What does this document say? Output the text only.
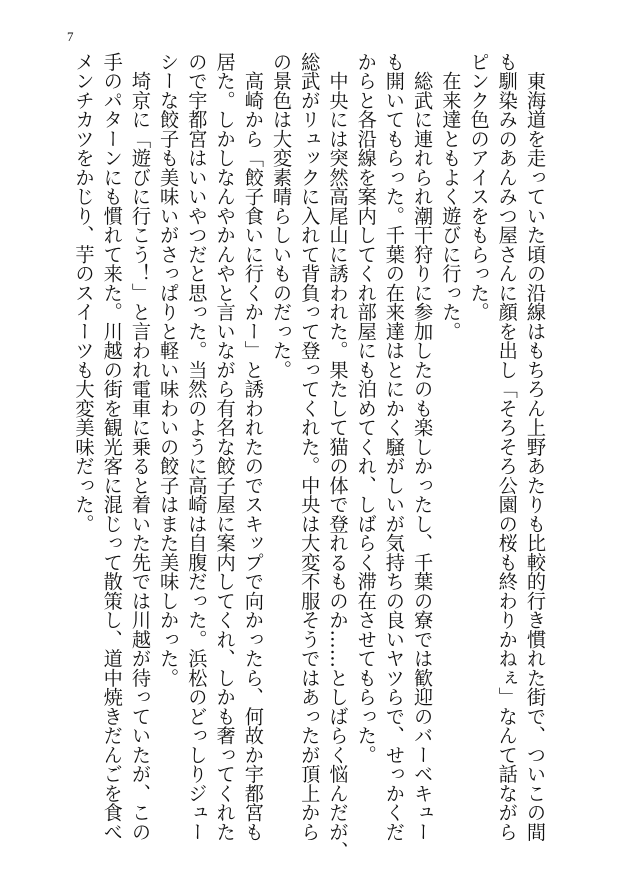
7

　東海道を走っていた頃の沿線はもちろん上野あたりも比較的行き慣れた街で、ついこの間

も馴染みのあんみつ屋さんに顔を出し「そろそろ公園の桜も終わりかねぇ」なんて話ながら

ピンク色のアイスをもらった。

　在来達ともよく遊びに行った。

　総武に連れられ潮干狩りに参加したのも楽しかったし、千葉の寮では歓迎のバーベキュー

も開いてもらった。千葉の在来達はとにかく騒がしいが気持ちの良いヤツらで、せっかくだ

からと各沿線を案内してくれ部屋にも泊めてくれ、しばらく滞在させてもらった。

　中央には突然高尾山に誘われた。果たして猫の体で登れるものか……としばらく悩んだが、

総武がリュックに入れて背負って登ってくれた。中央は大変不服そうではあったが頂上から

の景色は大変素晴らしいものだった。

　高崎から「餃子食いに行くかー」と誘われたのでスキップで向かったら、何故か宇都宮も

居た。しかしなんやかんやと言いながら有名な餃子屋に案内してくれ、しかも奢ってくれた

ので宇都宮はいいやつだと思った。当然のように高崎は自腹だった。浜松のどっしりジュー

シーな餃子も美味いがさっぱりと軽い味わいの餃子はまた美味しかった。

　埼京に「遊びに行こう！」と言われ電車に乗ると着いた先では川越が待っていたが、この

手のパターンにも慣れて来た。川越の街を観光客に混じって散策し、道中焼きだんごを食べ

メンチカツをかじり、芋のスイーツも大変美味だった。
